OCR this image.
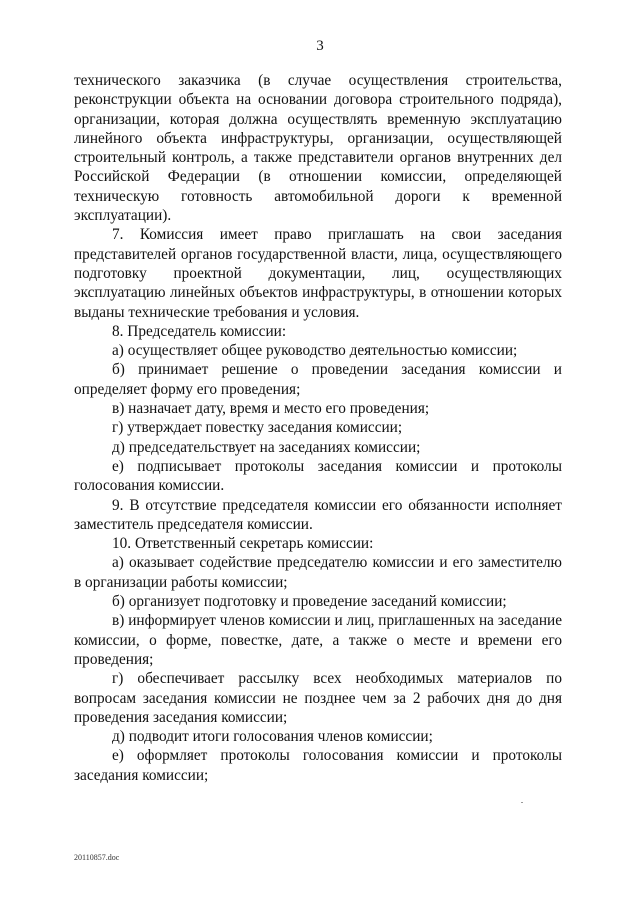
3

технического заказчика (в случае осуществления строительства, реконструкции объекта на основании договора строительного подряда), организации, которая должна осуществлять временную эксплуатацию линейного объекта инфраструктуры, организации, осуществляющей строительный контроль, а также представители органов внутренних дел Российской Федерации (в отношении комиссии, определяющей техническую готовность автомобильной дороги к временной эксплуатации).

7. Комиссия имеет право приглашать на свои заседания представителей органов государственной власти, лица, осуществляющего подготовку проектной документации, лиц, осуществляющих эксплуатацию линейных объектов инфраструктуры, в отношении которых выданы технические требования и условия.

8. Председатель комиссии:

а) осуществляет общее руководство деятельностью комиссии;

б) принимает решение о проведении заседания комиссии и определяет форму его проведения;

в) назначает дату, время и место его проведения;

г) утверждает повестку заседания комиссии;

д) председательствует на заседаниях комиссии;

е) подписывает протоколы заседания комиссии и протоколы голосования комиссии.

9. В отсутствие председателя комиссии его обязанности исполняет заместитель председателя комиссии.

10. Ответственный секретарь комиссии:

а) оказывает содействие председателю комиссии и его заместителю в организации работы комиссии;

б) организует подготовку и проведение заседаний комиссии;

в) информирует членов комиссии и лиц, приглашенных на заседание комиссии, о форме, повестке, дате, а также о месте и времени его проведения;

г) обеспечивает рассылку всех необходимых материалов по вопросам заседания комиссии не позднее чем за 2 рабочих дня до дня проведения заседания комиссии;

д) подводит итоги голосования членов комиссии;

е) оформляет протоколы голосования комиссии и протоколы заседания комиссии;

20110857.doc
